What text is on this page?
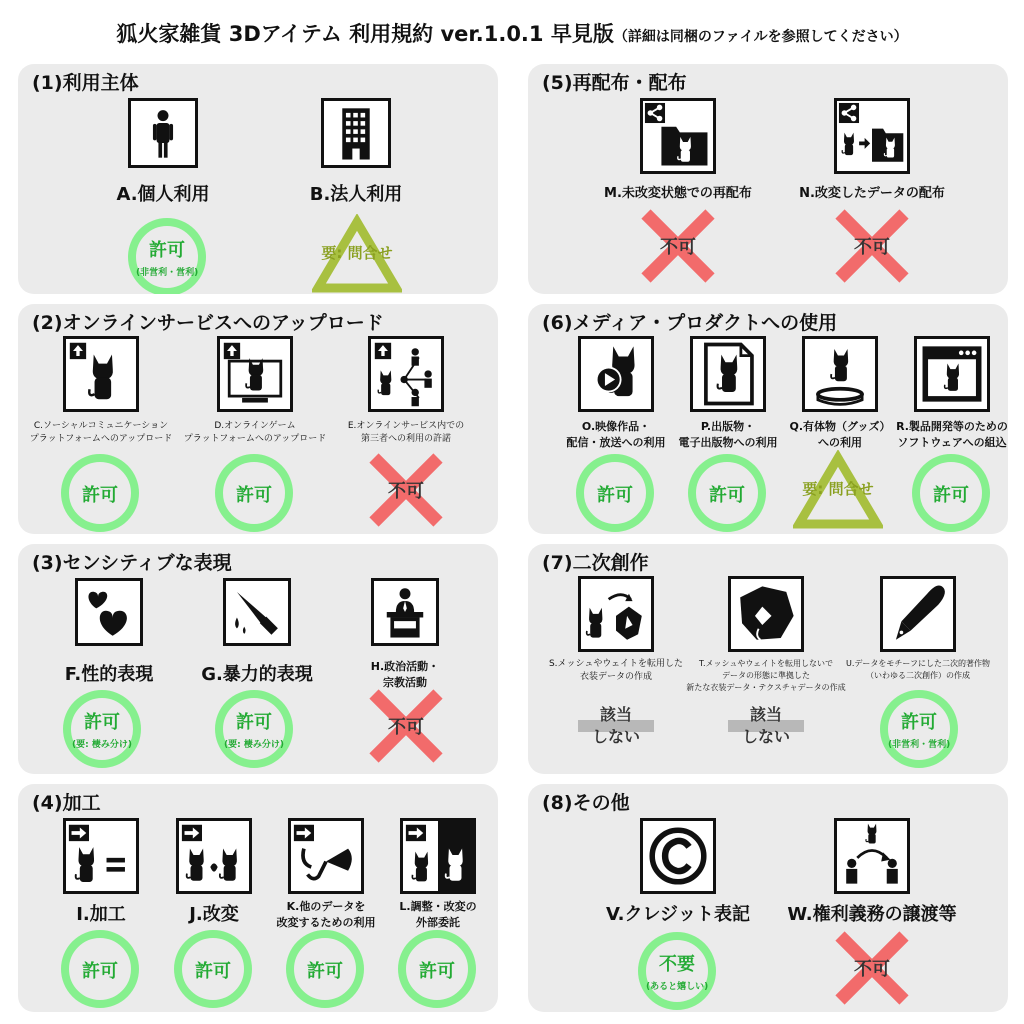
狐火家雑貨 3Dアイテム 利用規約 ver.1.0.1 早見版（詳細は同梱のファイルを参照してください）
(1)利用主体
A.個人利用
許可
(非営利・営利)
B.法人利用
要: 問合せ
(2)オンラインサービスへのアップロード
C.ソーシャルコミュニケーション
プラットフォームへのアップロード
許可
D.オンラインゲーム
プラットフォームへのアップロード
許可
E.オンラインサービス内での
第三者への利用の許諾
不可
(3)センシティブな表現
F.性的表現
許可
(要: 棲み分け)
G.暴力的表現
許可
(要: 棲み分け)
H.政治活動・
宗教活動
不可
(4)加工
I.加工
許可
J.改変
許可
K.他のデータを
改変するための利用
許可
L.調整・改変の
外部委託
許可
(5)再配布・配布
M.未改変状態での再配布
不可
N.改変したデータの配布
不可
(6)メディア・プロダクトへの使用
O.映像作品・
配信・放送への利用
許可
P.出版物・
電子出版物への利用
許可
Q.有体物（グッズ）
への利用
要: 問合せ
R.製品開発等のための
ソフトウェアへの組込
許可
(7)二次創作
S.メッシュやウェイトを転用した
衣装データの作成
該当
しない
T.メッシュやウェイトを転用しないで
データの形態に準拠した
新たな衣装データ・テクスチャデータの作成
該当
しない
U.データをモチーフにした二次的著作物
（いわゆる二次創作）の作成
許可
(非営利・営利)
(8)その他
V.クレジット表記
不要
(あると嬉しい)
W.権利義務の譲渡等
不可
